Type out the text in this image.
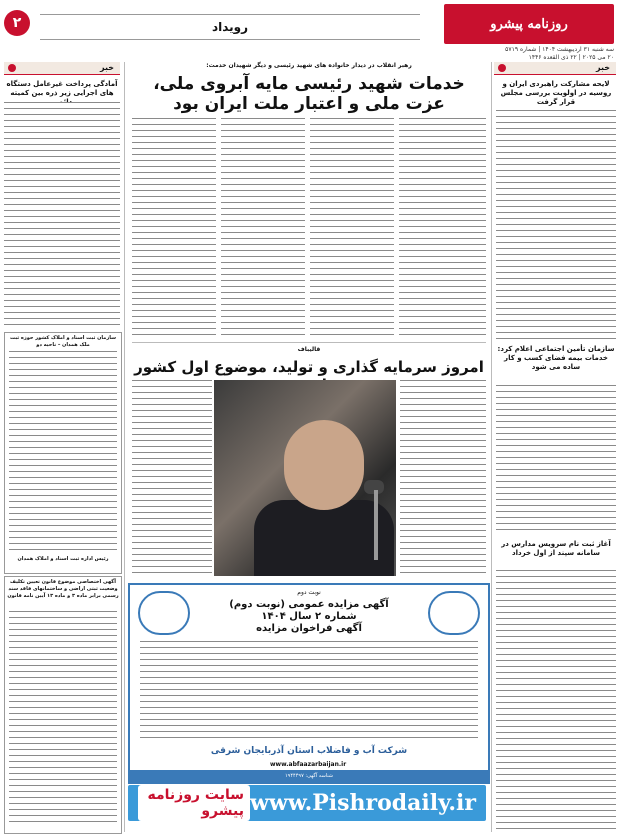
روزنامه پیشرو
سه شنبه ۳۱ اردیبهشت ۱۴۰۴ | شماره ۵۷۱۹
۲۰ می ۲۰۲۵ | ۲۲ ذی القعده ۱۴۴۶
رویداد
۲
خبر
لایحه مشارکت راهبردی ایران و روسیه در اولویت بررسی مجلس قرار گرفت
سازمان تأمین اجتماعی اعلام کرد: خدمات بیمه فضای کسب و کار ساده می شود
آغاز ثبت نام سرویس مدارس در سامانه سپند از اول خرداد
رهبر انقلاب در دیدار خانواده های شهید رئیسی و دیگر شهیدان خدمت:
خدمات شهید رئیسی مایه آبروی ملی، عزت ملی و اعتبار ملت ایران بود
قالیباف
امروز سرمایه گذاری و تولید، موضوع اول کشور
نوبت دوم
آگهی مزایده عمومی (نوبت دوم)
شماره ۲ سال ۱۴۰۴
آگهی فراخوان مزایده
شرکت آب و فاضلاب استان آذربایجان شرقی
www.abfaazarbaijan.ir
شناسه آگهی: ۱۹۴۴۴۹۷
www.Pishrodaily.ir
سایت روزنامه پیشرو
خبر
آمادگی پرداخت غیرعامل دستگاه های اجرایی زیر ذره بین کمیته
سازمان ثبت اسناد و املاک کشور حوزه ثبت ملک همدان – ناحیه دو
رئیس اداره ثبت اسناد و املاک همدان
آگهی اختصاصی موضوع قانون تعیین تکلیف وضعیت ثبتی اراضی و ساختمانهای فاقد سند رسمی برابر ماده ۳ و ماده ۱۳ آیین نامه قانون
